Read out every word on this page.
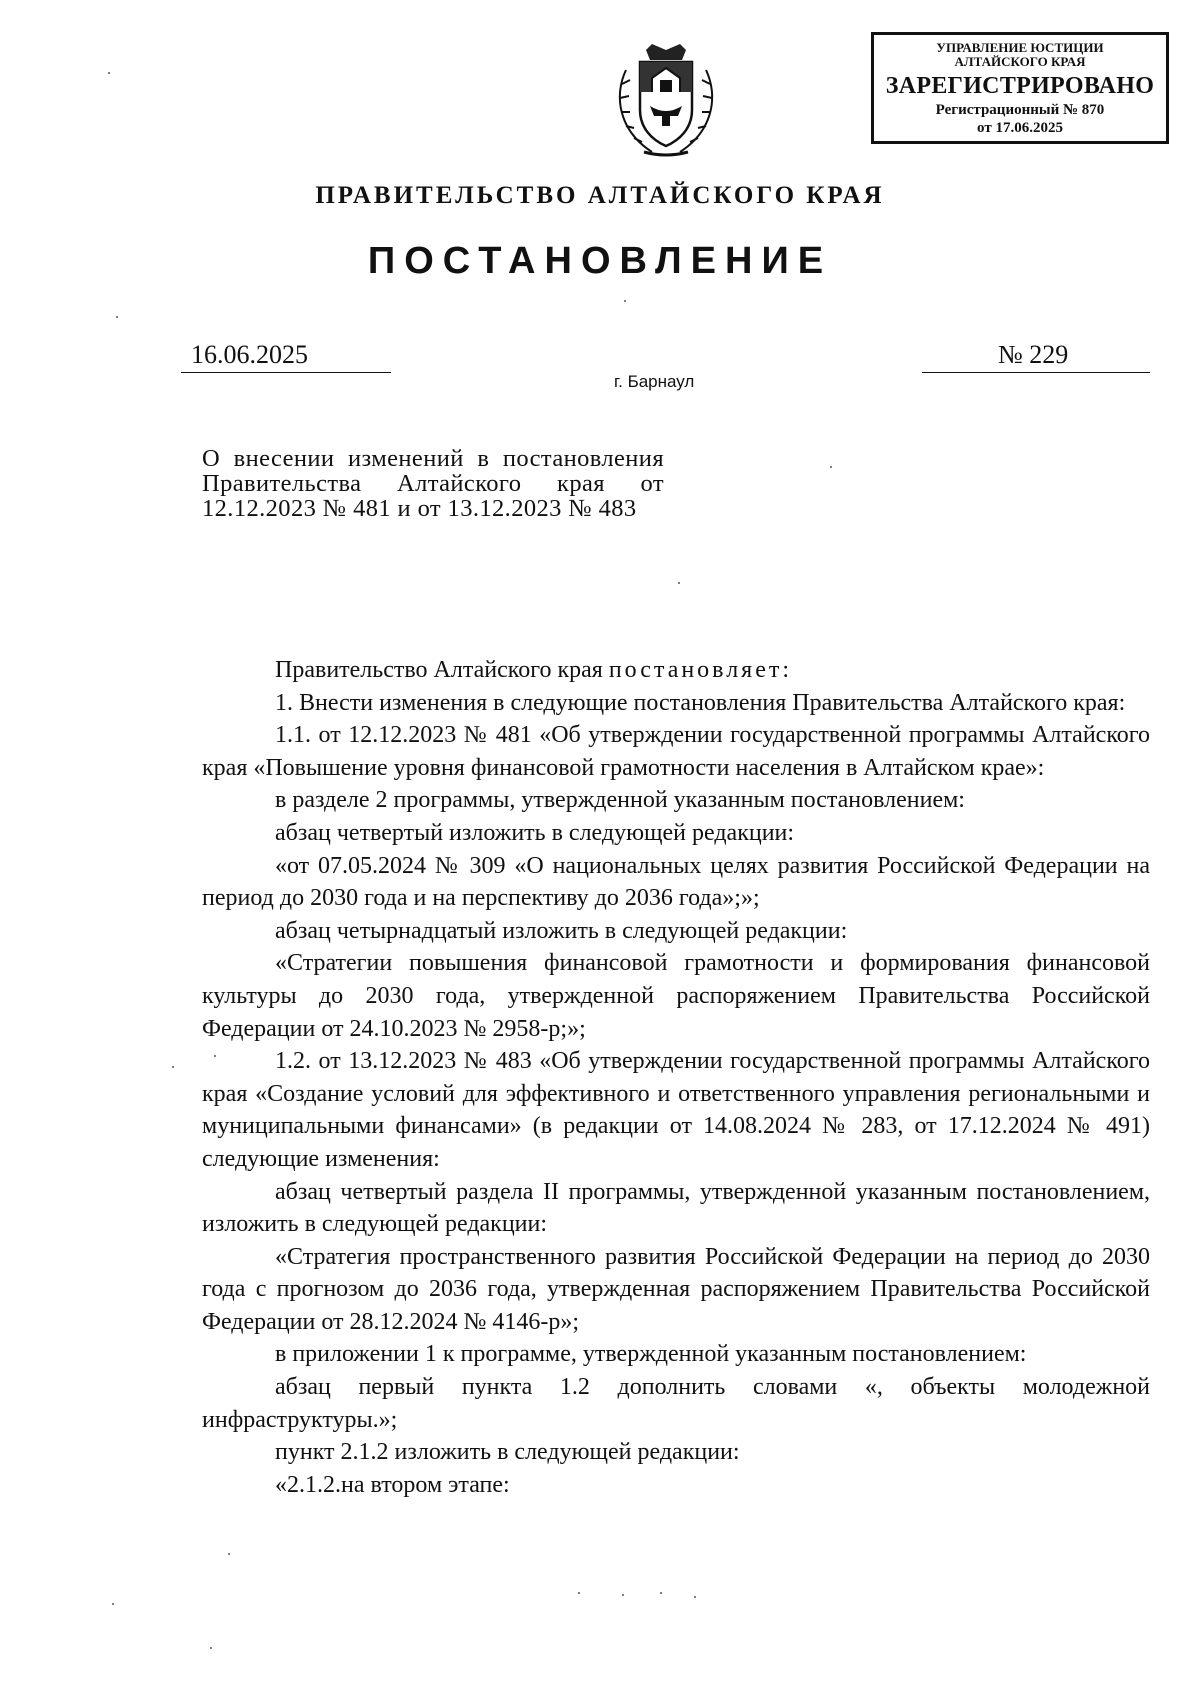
УПРАВЛЕНИЕ ЮСТИЦИИ
АЛТАЙСКОГО КРАЯ
ЗАРЕГИСТРИРОВАНО
Регистрационный № 870
от 17.06.2025
ПРАВИТЕЛЬСТВО АЛТАЙСКОГО КРАЯ
ПОСТАНОВЛЕНИЕ
16.06.2025	№ 229
г. Барнаул
О внесении изменений в постановления Правительства Алтайского края от 12.12.2023 № 481 и от 13.12.2023 № 483

Правительство Алтайского края постановляет:

1. Внести изменения в следующие постановления Правительства Алтайского края:

1.1. от 12.12.2023 № 481 «Об утверждении государственной программы Алтайского края «Повышение уровня финансовой грамотности населения в Алтайском крае»:

в разделе 2 программы, утвержденной указанным постановлением:

абзац четвертый изложить в следующей редакции:

«от 07.05.2024 № 309 «О национальных целях развития Российской Федерации на период до 2030 года и на перспективу до 2036 года»;»;

абзац четырнадцатый изложить в следующей редакции:

«Стратегии повышения финансовой грамотности и формирования финансовой культуры до 2030 года, утвержденной распоряжением Правительства Российской Федерации от 24.10.2023 № 2958-р;»;

1.2. от 13.12.2023 № 483 «Об утверждении государственной программы Алтайского края «Создание условий для эффективного и ответственного управления региональными и муниципальными финансами» (в редакции от 14.08.2024 № 283, от 17.12.2024 № 491) следующие изменения:

абзац четвертый раздела II программы, утвержденной указанным постановлением, изложить в следующей редакции:

«Стратегия пространственного развития Российской Федерации на период до 2030 года с прогнозом до 2036 года, утвержденная распоряжением Правительства Российской Федерации от 28.12.2024 № 4146-р»;

в приложении 1 к программе, утвержденной указанным постановлением:

абзац первый пункта 1.2 дополнить словами «, объекты молодежной инфраструктуры.»;

пункт 2.1.2 изложить в следующей редакции:

«2.1.2.на втором этапе:
